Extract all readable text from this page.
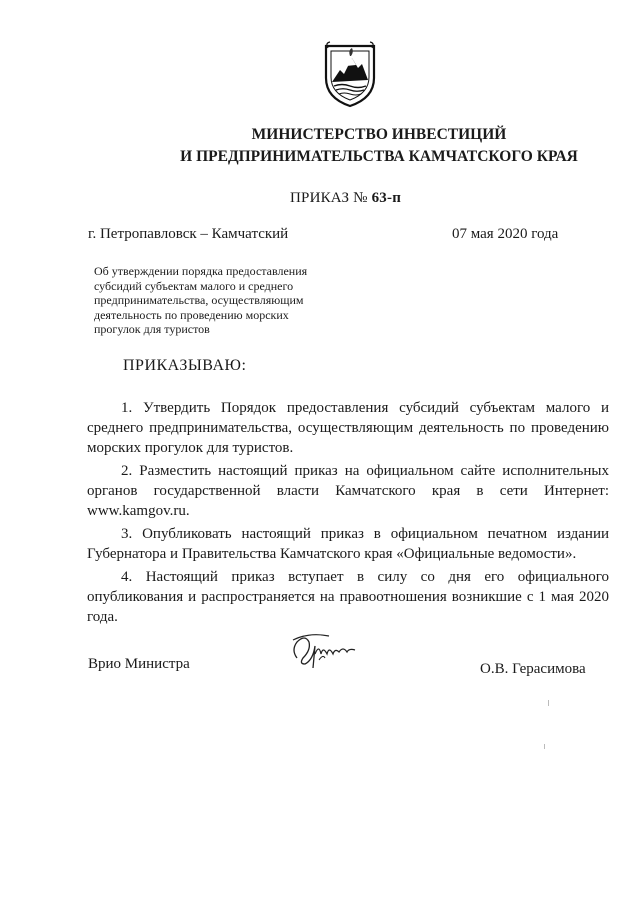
МИНИСТЕРСТВО ИНВЕСТИЦИЙ
И ПРЕДПРИНИМАТЕЛЬСТВА КАМЧАТСКОГО КРАЯ
ПРИКАЗ № 63-п
г. Петропавловск – Камчатский	07 мая 2020 года
Об утверждении порядка предоставления
субсидий субъектам малого и среднего
предпринимательства, осуществляющим
деятельность по проведению морских
прогулок для туристов
ПРИКАЗЫВАЮ:
1. Утвердить Порядок предоставления субсидий субъектам малого и
среднего предпринимательства, осуществляющим деятельность по проведению
морских прогулок для туристов.
2. Разместить настоящий приказ на официальном сайте исполнительных
органов государственной власти Камчатского края в сети Интернет:
www.kamgov.ru.
3. Опубликовать настоящий приказ в официальном печатном издании
Губернатора и Правительства Камчатского края «Официальные ведомости».
4. Настоящий приказ вступает в силу со дня его официального
опубликования и распространяется на правоотношения возникшие с 1 мая 2020
года.
Врио Министра	О.В. Герасимова
